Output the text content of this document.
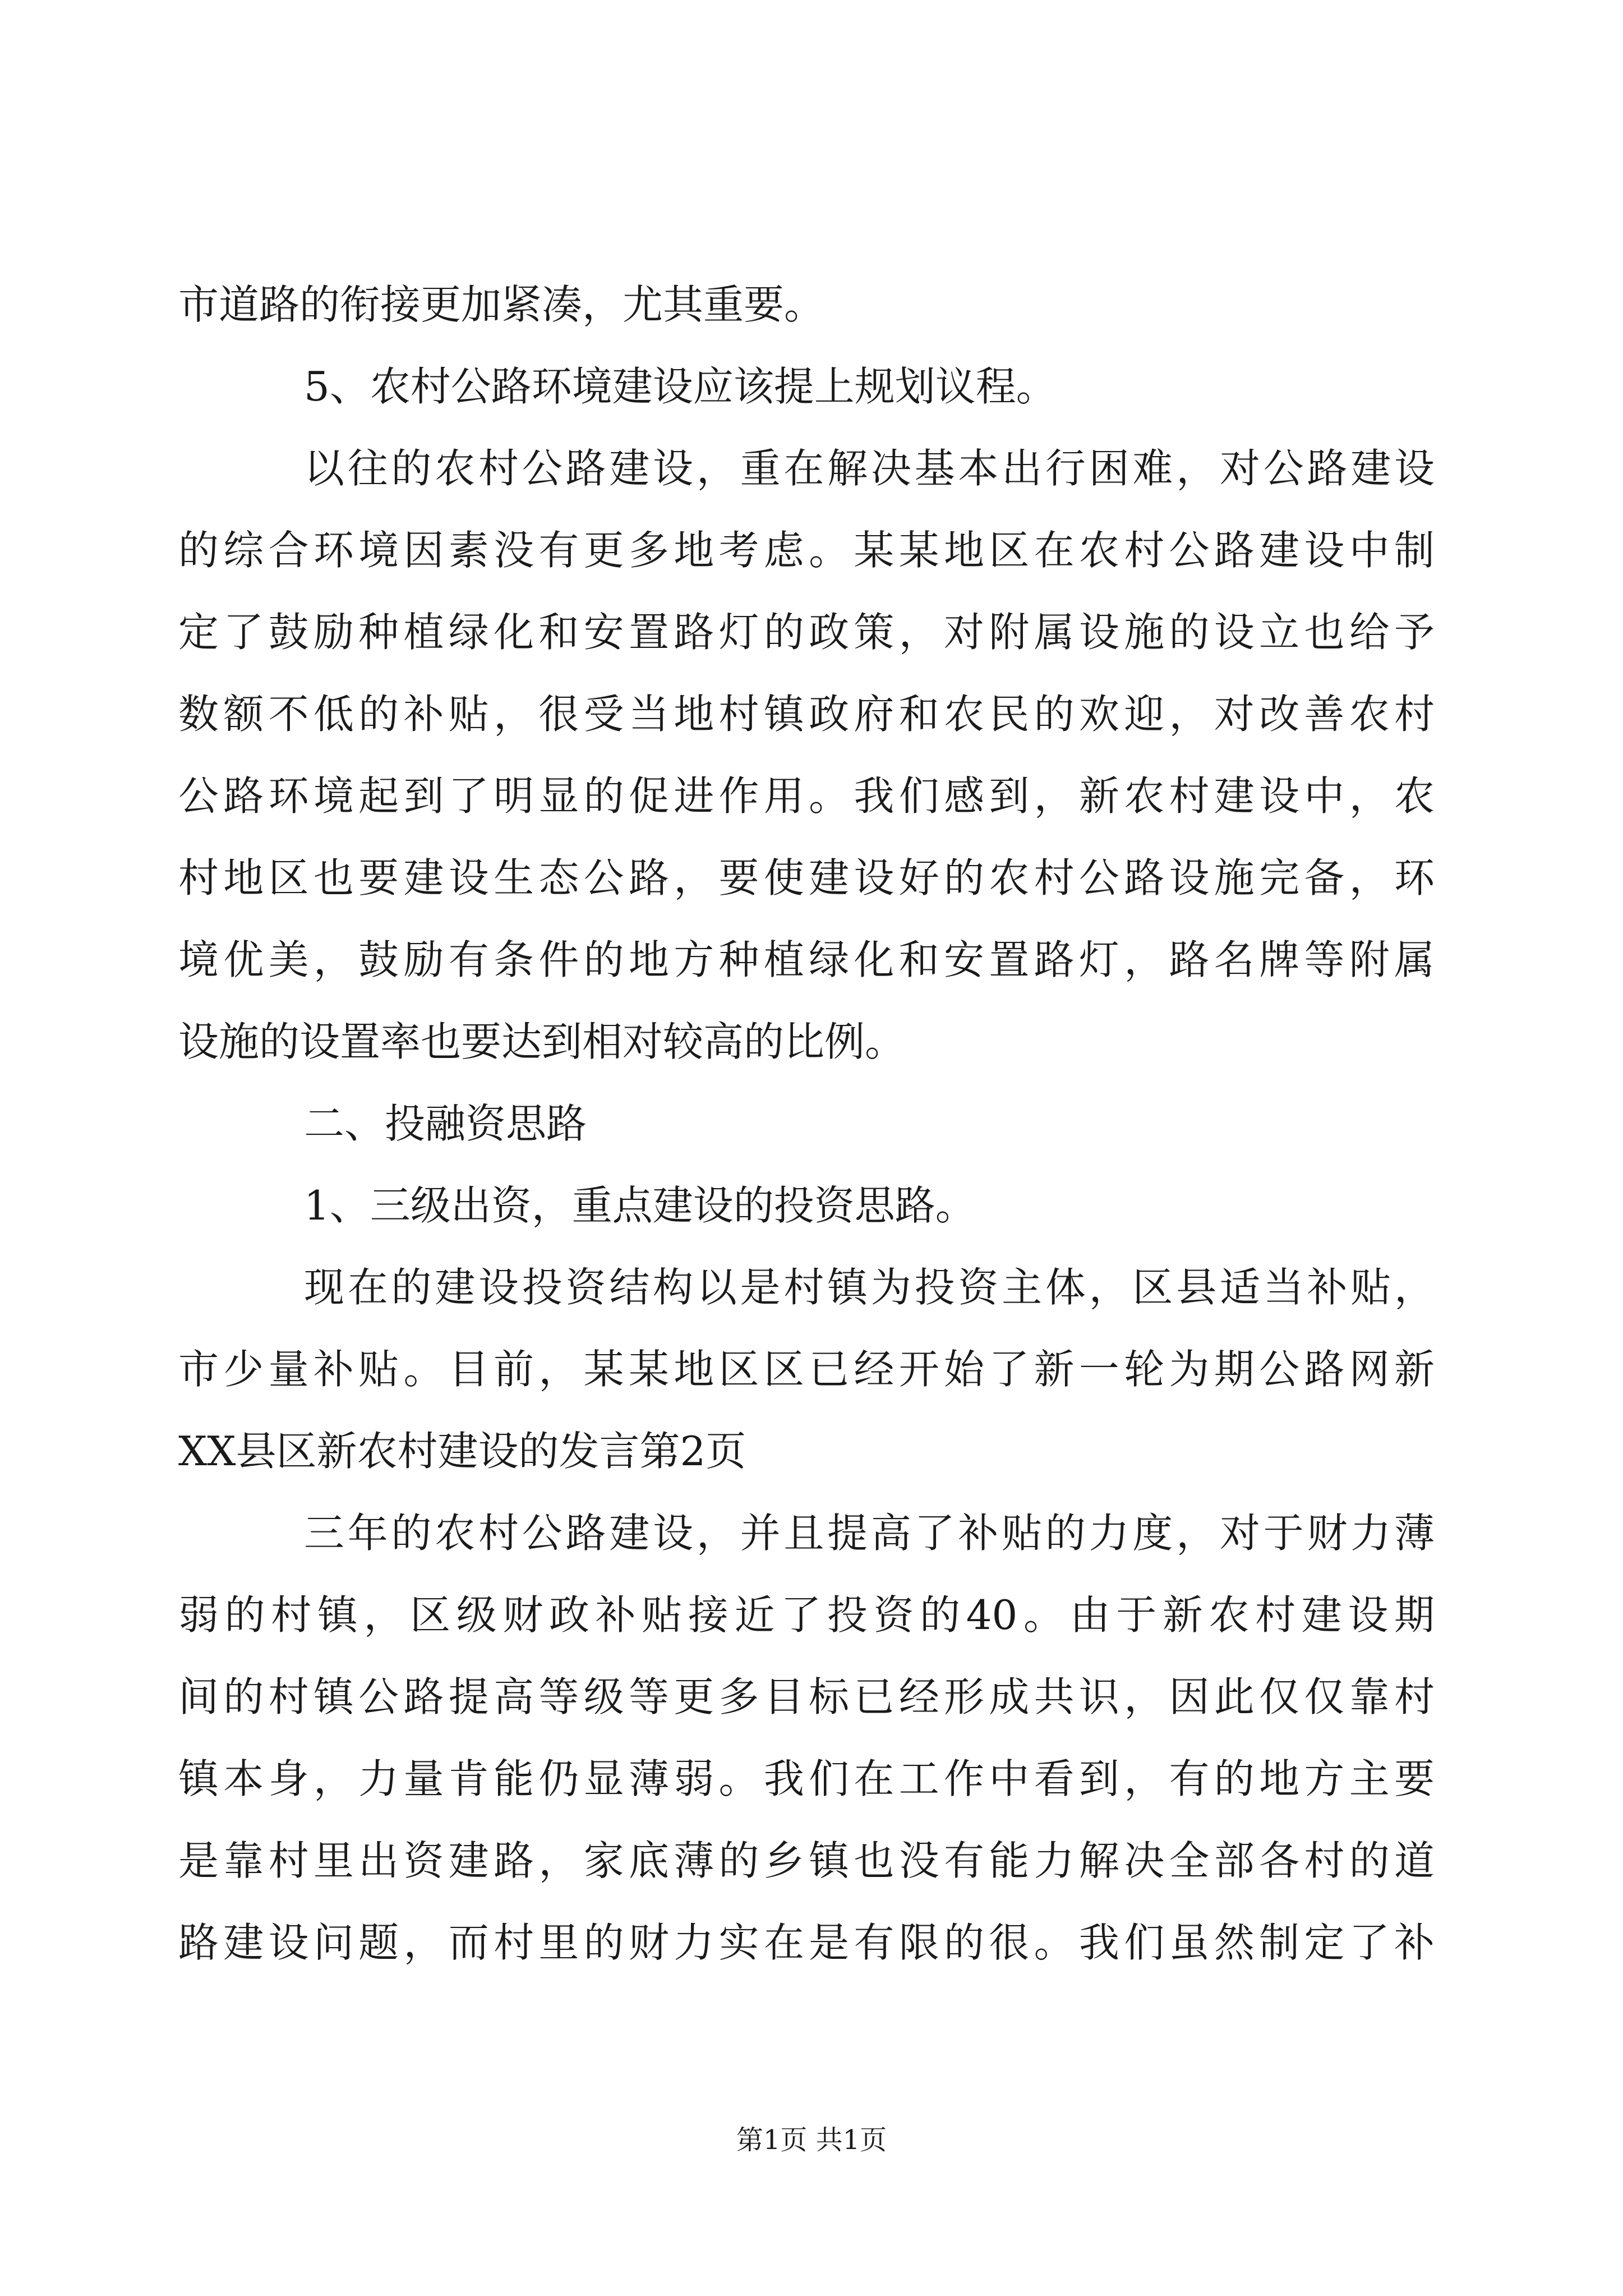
市道路的衔接更加紧凑，尤其重要。
5、农村公路环境建设应该提上规划议程。
以往的农村公路建设，重在解决基本出行困难，对公路建设
的综合环境因素没有更多地考虑。某某地区在农村公路建设中制
定了鼓励种植绿化和安置路灯的政策，对附属设施的设立也给予
数额不低的补贴，很受当地村镇政府和农民的欢迎，对改善农村
公路环境起到了明显的促进作用。我们感到，新农村建设中，农
村地区也要建设生态公路，要使建设好的农村公路设施完备，环
境优美，鼓励有条件的地方种植绿化和安置路灯，路名牌等附属
设施的设置率也要达到相对较高的比例。
二、投融资思路
1、三级出资，重点建设的投资思路。
现在的建设投资结构以是村镇为投资主体，区县适当补贴，
市少量补贴。目前，某某地区区已经开始了新一轮为期公路网新
XX县区新农村建设的发言第2页
三年的农村公路建设，并且提高了补贴的力度，对于财力薄
弱的村镇，区级财政补贴接近了投资的40。由于新农村建设期
间的村镇公路提高等级等更多目标已经形成共识，因此仅仅靠村
镇本身，力量肯能仍显薄弱。我们在工作中看到，有的地方主要
是靠村里出资建路，家底薄的乡镇也没有能力解决全部各村的道
路建设问题，而村里的财力实在是有限的很。我们虽然制定了补
第1页 共1页
